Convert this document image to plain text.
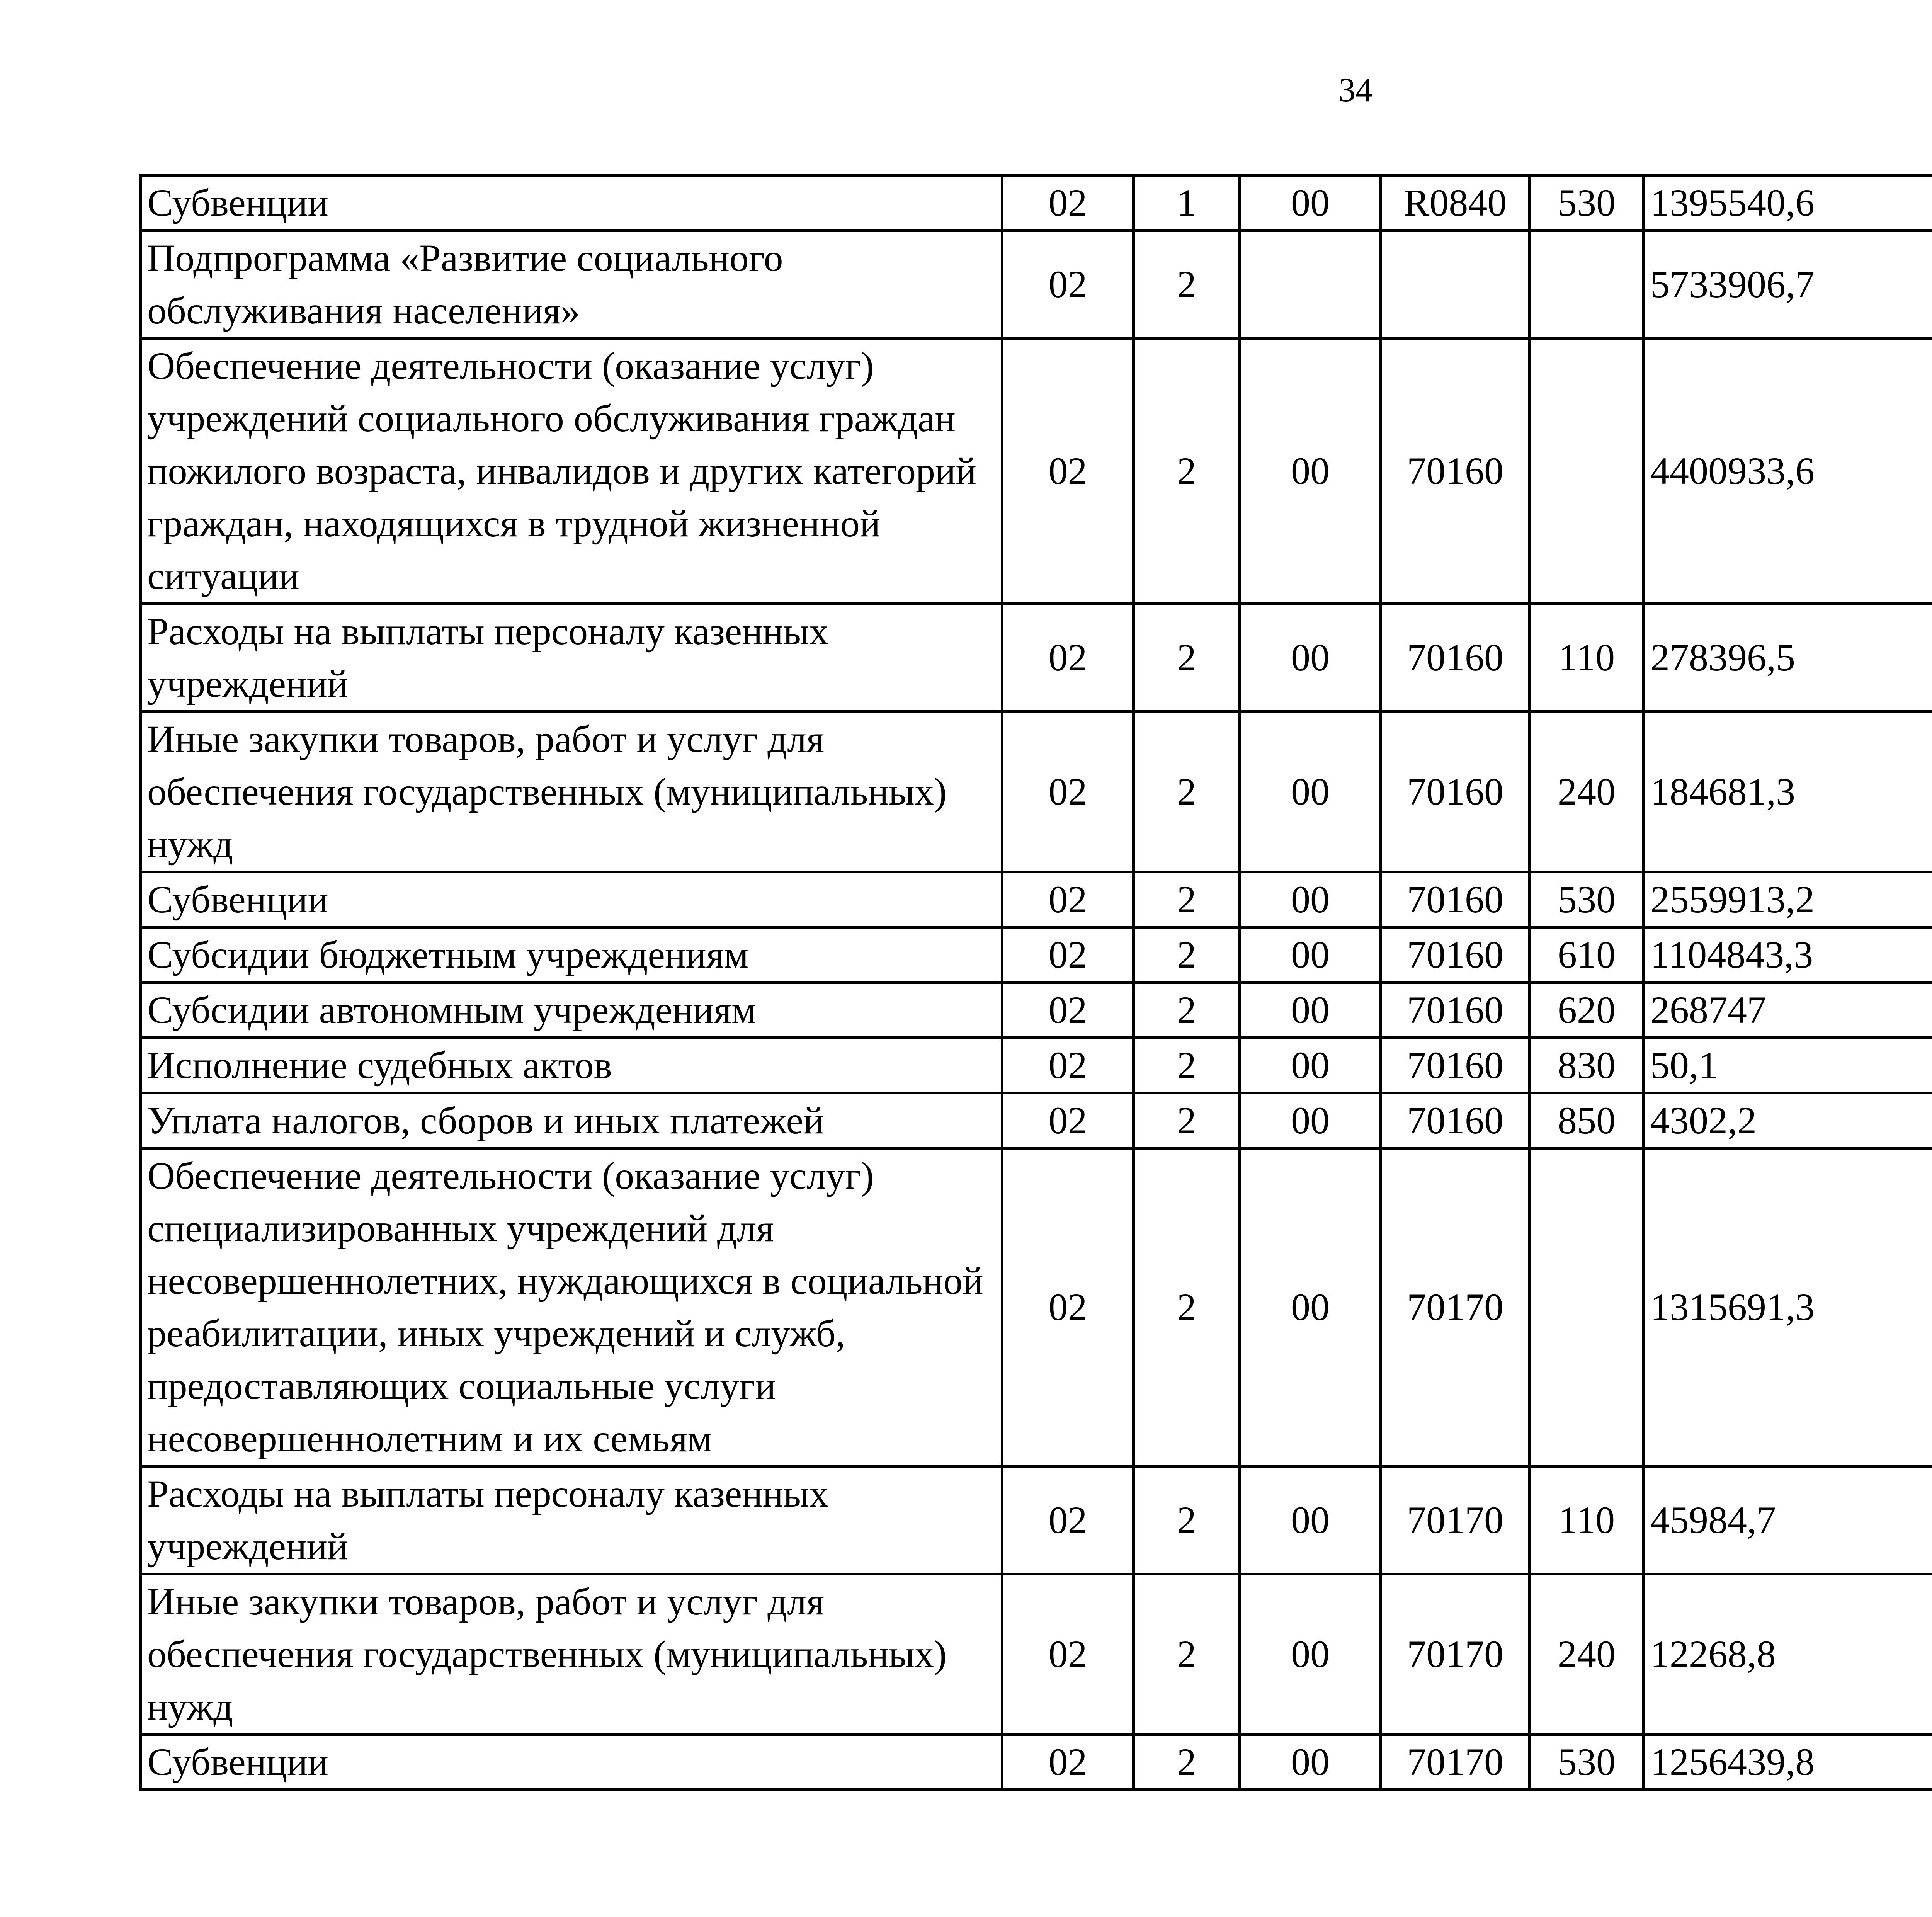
34
Субвенции	02	1	00	R0840	530	1395540,6		
Подпрограмма «Развитие социального обслуживания населения»	02	2				5733906,7		
Обеспечение деятельности (оказание услуг) учреждений социального обслуживания граждан пожилого возраста, инвалидов и других категорий граждан, находящихся в трудной жизненной ситуации	02	2	00	70160		4400933,6		
Расходы на выплаты персоналу казенных учреждений	02	2	00	70160	110	278396,5		
Иные закупки товаров, работ и услуг для обеспечения государственных (муниципальных) нужд	02	2	00	70160	240	184681,3		
Субвенции	02	2	00	70160	530	2559913,2		
Субсидии бюджетным учреждениям	02	2	00	70160	610	1104843,3		
Субсидии автономным учреждениям	02	2	00	70160	620	268747		
Исполнение судебных актов	02	2	00	70160	830	50,1		
Уплата налогов, сборов и иных платежей	02	2	00	70160	850	4302,2		
Обеспечение деятельности (оказание услуг) специализированных учреждений для несовершеннолетних, нуждающихся в социальной реабилитации, иных учреждений и служб, предоставляющих социальные услуги несовершеннолетним и их семьям	02	2	00	70170		1315691,3		
Расходы на выплаты персоналу казенных учреждений	02	2	00	70170	110	45984,7		
Иные закупки товаров, работ и услуг для обеспечения государственных (муниципальных) нужд	02	2	00	70170	240	12268,8		
Субвенции	02	2	00	70170	530	1256439,8		
